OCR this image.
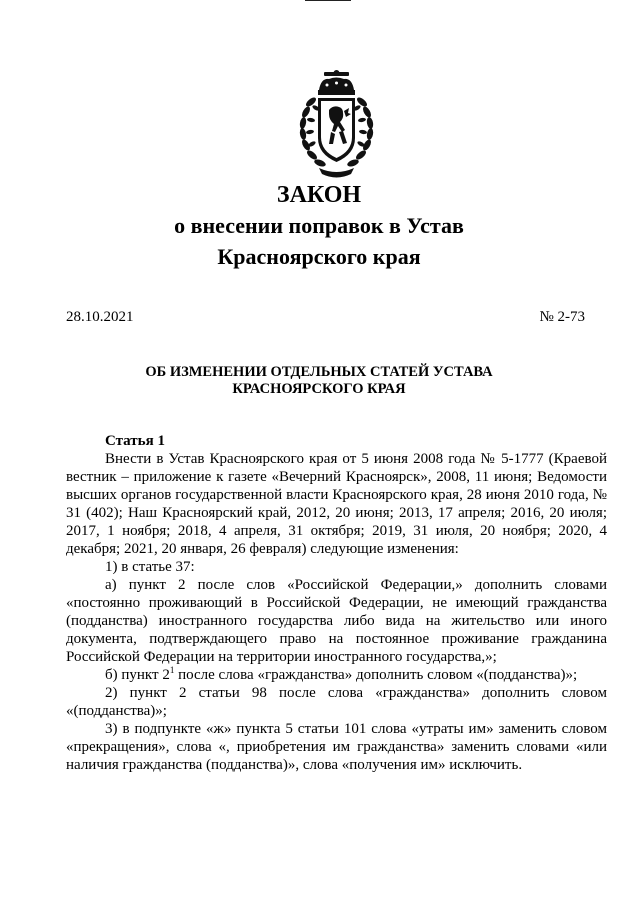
ЗАКОН
о внесении поправок в Устав
Красноярского края
28.10.2021	№ 2-73
ОБ ИЗМЕНЕНИИ ОТДЕЛЬНЫХ СТАТЕЙ УСТАВА
КРАСНОЯРСКОГО КРАЯ

Статья 1

Внести в Устав Красноярского края от 5 июня 2008 года № 5-1777 (Краевой вестник – приложение к газете «Вечерний Красноярск», 2008, 11 июня; Ведомости высших органов государственной власти Красноярского края, 28 июня 2010 года, № 31 (402); Наш Красноярский край, 2012, 20 июня; 2013, 17 апреля; 2016, 20 июля; 2017, 1 ноября; 2018, 4 апреля, 31 октября; 2019, 31 июля, 20 ноября; 2020, 4 декабря; 2021, 20 января, 26 февраля) следующие изменения:

1) в статье 37:

а) пункт 2 после слов «Российской Федерации,» дополнить словами «постоянно проживающий в Российской Федерации, не имеющий гражданства (подданства) иностранного государства либо вида на жительство или иного документа, подтверждающего право на постоянное проживание гражданина Российской Федерации на территории иностранного государства,»;

б) пункт $2^1$ после слова «гражданства» дополнить словом «(подданства)»;

2) пункт 2 статьи 98 после слова «гражданства» дополнить словом «(подданства)»;

3) в подпункте «ж» пункта 5 статьи 101 слова «утраты им» заменить словом «прекращения», слова «, приобретения им гражданства» заменить словами «или наличия гражданства (подданства)», слова «получения им» исключить.
